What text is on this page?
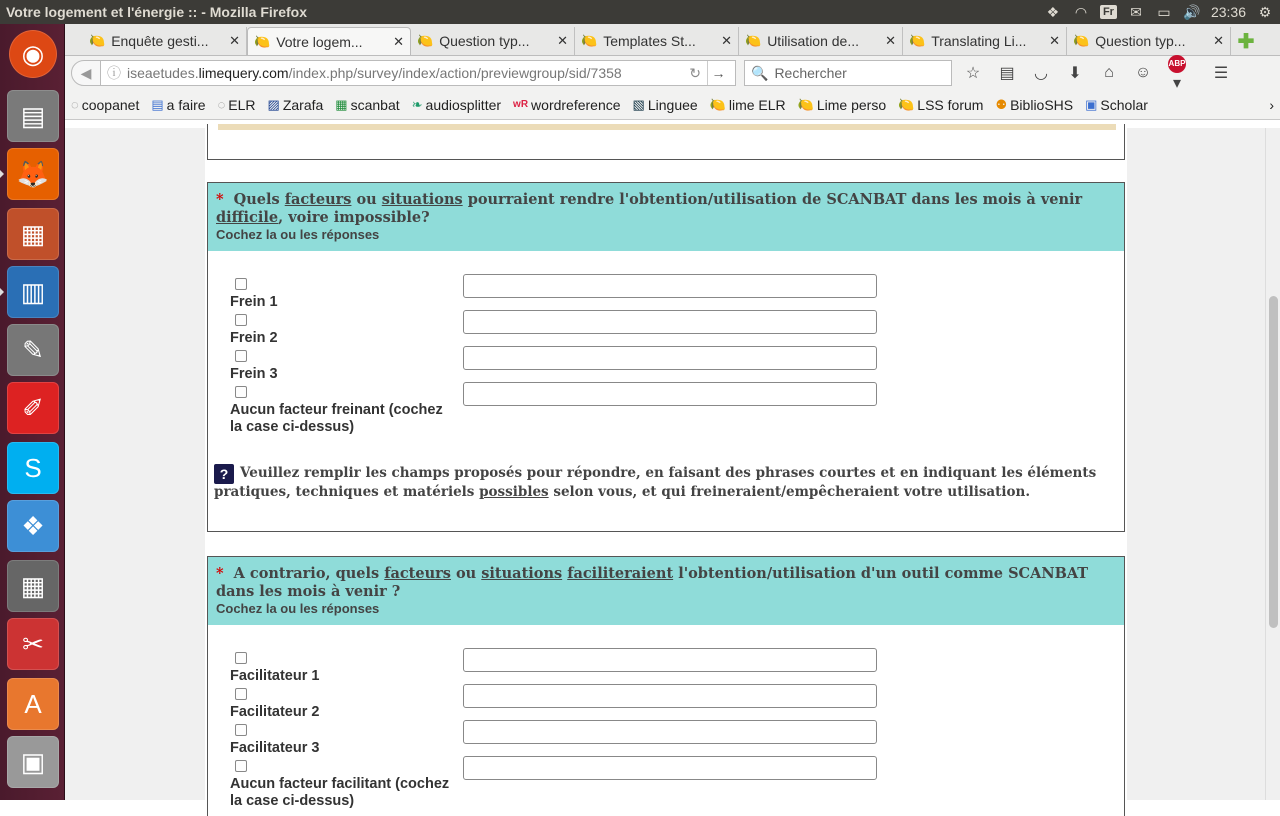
Votre logement et l'énergie :: - Mozilla Firefox	❖ ◠ Fr ✉ ▭ 🔊 23:36 ⚙
◉
▤
🦊
▦
▥
✎
✐
S
❖
▦
✂
A
▣
🍋 Enquête gesti...	✕ 🍋 Votre logem...	✕ 🍋 Question typ...	✕ 🍋 Templates St...	✕ 🍋 Utilisation de...	✕ 🍋 Translating Li...	✕ 🍋 Question typ...	✕ ✚
◀	ⓘ iseaetudes. limequery.com /index.php/survey/index/action/previewgroup/sid/7358	↻ → 🔍 Rechercher	☆	▤	◡	⬇	⌂	☺
ABP ▾
☰
◌ coopanet ▤ a faire ◌ ELR ▨ Zarafa ▦ scanbat ❧ audiosplitter wR wordreference ▧ Linguee 🍋 lime ELR 🍋 Lime perso 🍋 LSS forum ⚉ BiblioSHS ▣ Scholar	›
* Quels facteurs ou situations pourraient rendre l'obtention/utilisation de SCANBAT dans les mois à venir difficile, voire impossible?
Cochez la ou les réponses
Frein 1
Frein 2
Frein 3
Aucun facteur freinant (cochez la case ci-dessus)
? Veuillez remplir les champs proposés pour répondre, en faisant des phrases courtes et en indiquant les éléments pratiques, techniques et matériels possibles selon vous, et qui freineraient/empêcheraient votre utilisation.
* A contrario, quels facteurs ou situations faciliteraient l'obtention/utilisation d'un outil comme SCANBAT dans les mois à venir ?
Cochez la ou les réponses
Facilitateur 1
Facilitateur 2
Facilitateur 3
Aucun facteur facilitant (cochez la case ci-dessus)
